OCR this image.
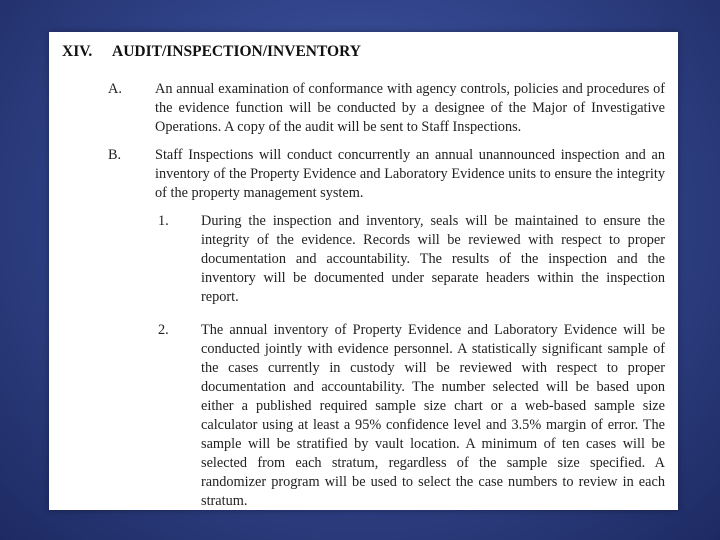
XIV. AUDIT/INSPECTION/INVENTORY
A. An annual examination of conformance with agency controls, policies and procedures of the evidence function will be conducted by a designee of the Major of Investigative Operations. A copy of the audit will be sent to Staff Inspections.
B. Staff Inspections will conduct concurrently an annual unannounced inspection and an inventory of the Property Evidence and Laboratory Evidence units to ensure the integrity of the property management system.
1. During the inspection and inventory, seals will be maintained to ensure the integrity of the evidence. Records will be reviewed with respect to proper documentation and accountability. The results of the inspection and the inventory will be documented under separate headers within the inspection report.
2. The annual inventory of Property Evidence and Laboratory Evidence will be conducted jointly with evidence personnel. A statistically significant sample of the cases currently in custody will be reviewed with respect to proper documentation and accountability. The number selected will be based upon either a published required sample size chart or a web-based sample size calculator using at least a 95% confidence level and 3.5% margin of error. The sample will be stratified by vault location. A minimum of ten cases will be selected from each stratum, regardless of the sample size specified. A randomizer program will be used to select the case numbers to review in each stratum.
